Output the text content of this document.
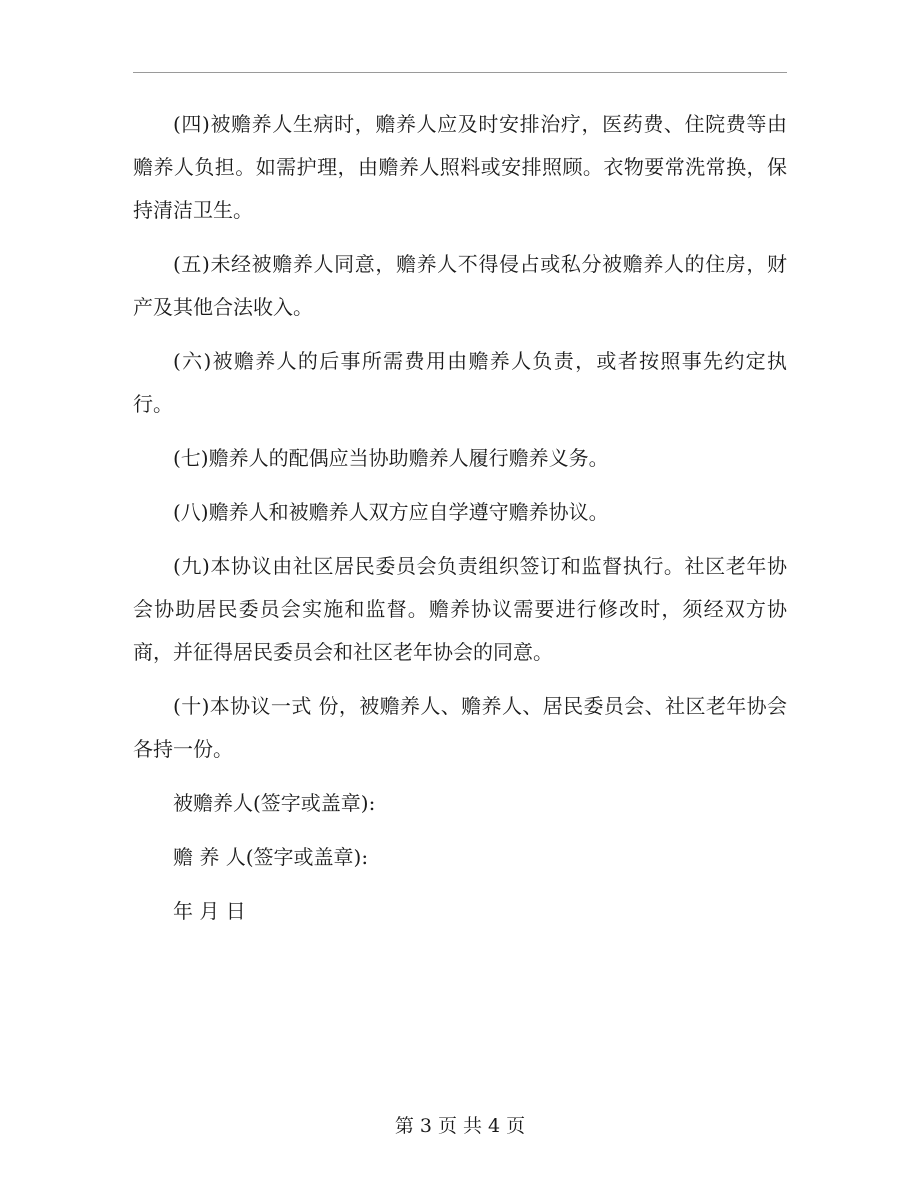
(四)被赡养人生病时，赡养人应及时安排治疗，医药费、住院费等由赡养人负担。如需护理，由赡养人照料或安排照顾。衣物要常洗常换，保持清洁卫生。

(五)未经被赡养人同意，赡养人不得侵占或私分被赡养人的住房，财产及其他合法收入。

(六)被赡养人的后事所需费用由赡养人负责，或者按照事先约定执行。

(七)赡养人的配偶应当协助赡养人履行赡养义务。

(八)赡养人和被赡养人双方应自学遵守赡养协议。

(九)本协议由社区居民委员会负责组织签订和监督执行。社区老年协会协助居民委员会实施和监督。赡养协议需要进行修改时，须经双方协商，并征得居民委员会和社区老年协会的同意。

(十)本协议一式 份，被赡养人、赡养人、居民委员会、社区老年协会各持一份。

被赡养人(签字或盖章):

赡 养 人(签字或盖章):

年 月 日

第 3 页 共 4 页
